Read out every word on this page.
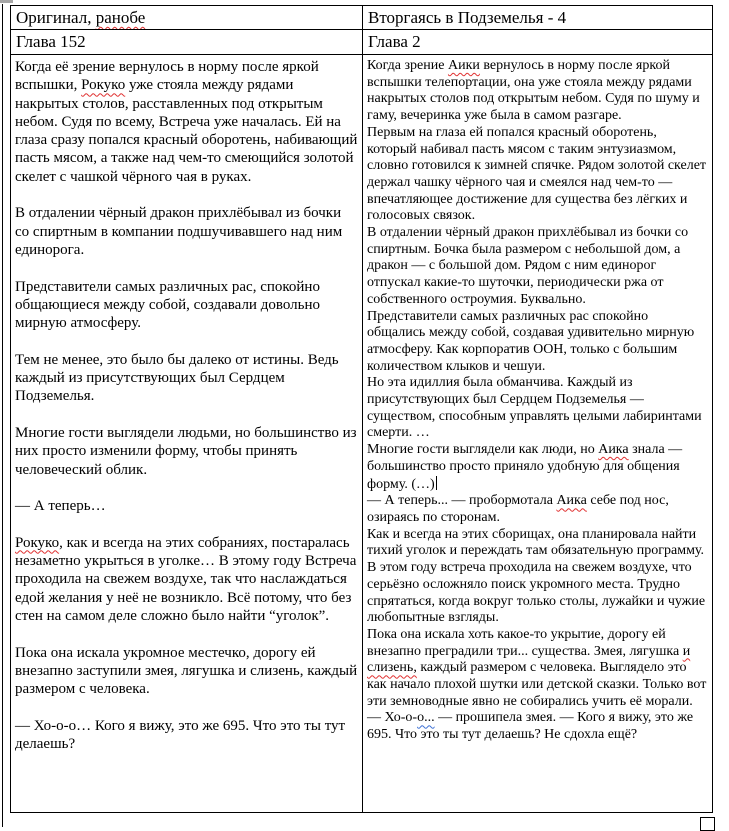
Оригинал, ранобе	Вторгаясь в Подземелья - 4
Глава 152	Глава 2

Когда её зрение вернулось в норму после яркой вспышки, Рокуко уже стояла между рядами накрытых столов, расставленных под открытым небом. Судя по всему, Встреча уже началась. Ей на глаза сразу попался красный оборотень, набивающий пасть мясом, а также над чем-то смеющийся золотой скелет с чашкой чёрного чая в руках.

В отдалении чёрный дракон прихлёбывал из бочки со спиртным в компании подшучивавшего над ним единорога.

Представители самых различных рас, спокойно общающиеся между собой, создавали довольно мирную атмосферу.

Тем не менее, это было бы далеко от истины. Ведь каждый из присутствующих был Сердцем Подземелья.

Многие гости выглядели людьми, но большинство из них просто изменили форму, чтобы принять человеческий облик.

— А теперь…

Рокуко, как и всегда на этих собраниях, постаралась незаметно укрыться в уголке… В этому году Встреча проходила на свежем воздухе, так что наслаждаться едой желания у неё не возникло. Всё потому, что без стен на самом деле сложно было найти “уголок”.

Пока она искала укромное местечко, дорогу ей внезапно заступили змея, лягушка и слизень, каждый размером с человека.

— Хо-о-о… Кого я вижу, это же 695. Что это ты тут делаешь?

Когда зрение Аики вернулось в норму после яркой вспышки телепортации, она уже стояла между рядами накрытых столов под открытым небом. Судя по шуму и гаму, вечеринка уже была в самом разгаре.

Первым на глаза ей попался красный оборотень, который набивал пасть мясом с таким энтузиазмом, словно готовился к зимней спячке. Рядом золотой скелет держал чашку чёрного чая и смеялся над чем-то — впечатляющее достижение для существа без лёгких и голосовых связок.

В отдалении чёрный дракон прихлёбывал из бочки со спиртным. Бочка была размером с небольшой дом, а дракон — с большой дом. Рядом с ним единорог отпускал какие-то шуточки, периодически ржа от собственного остроумия. Буквально.

Представители самых различных рас спокойно общались между собой, создавая удивительно мирную атмосферу. Как корпоратив ООН, только с большим количеством клыков и чешуи.

Но эта идиллия была обманчива. Каждый из присутствующих был Сердцем Подземелья — существом, способным управлять целыми лабиринтами смерти. …

Многие гости выглядели как люди, но Аика знала — большинство просто приняло удобную для общения форму. (…)

— А теперь... — пробормотала Аика себе под нос, озираясь по сторонам.

Как и всегда на этих сборищах, она планировала найти тихий уголок и переждать там обязательную программу. В этом году встреча проходила на свежем воздухе, что серьёзно осложняло поиск укромного места. Трудно спрятаться, когда вокруг только столы, лужайки и чужие любопытные взгляды.

Пока она искала хоть какое-то укрытие, дорогу ей внезапно преградили три... существа. Змея, лягушка и слизень, каждый размером с человека. Выглядело это как начало плохой шутки или детской сказки. Только вот эти земноводные явно не собирались учить её морали.

— Хо-о-о... — прошипела змея. — Кого я вижу, это же 695. Что это ты тут делаешь? Не сдохла ещё?
